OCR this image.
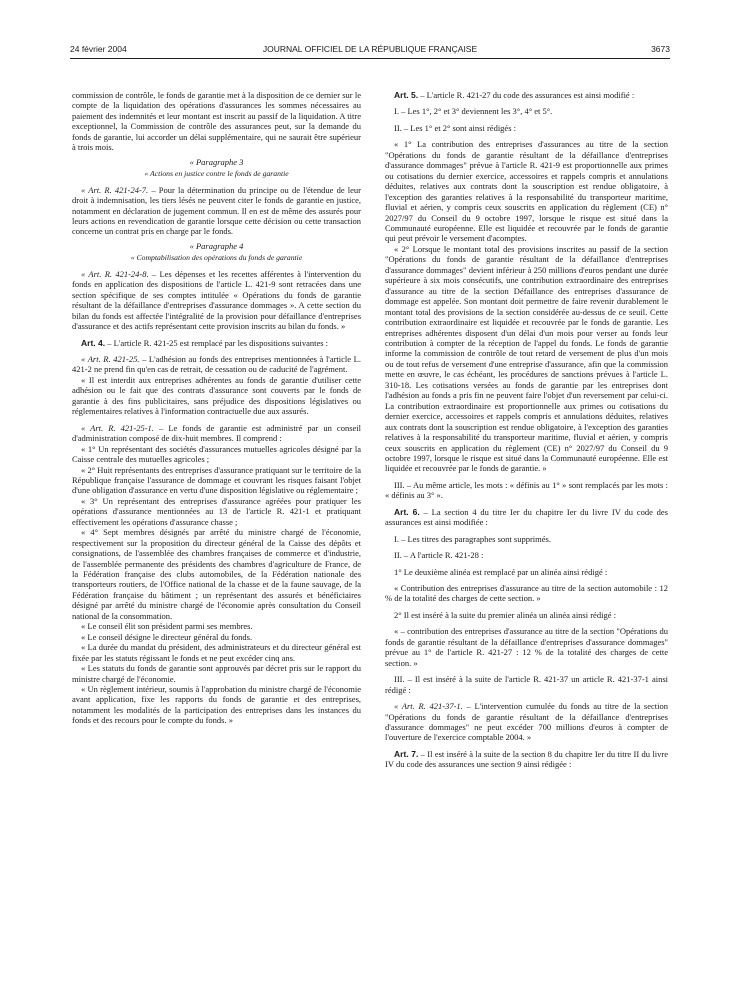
24 février 2004	JOURNAL OFFICIEL DE LA RÉPUBLIQUE FRANÇAISE	3673

commission de contrôle, le fonds de garantie met à la disposition de ce dernier sur le compte de la liquidation des opérations d'assurances les sommes nécessaires au paiement des indemnités et leur montant est inscrit au passif de la liquidation. A titre exceptionnel, la Commission de contrôle des assurances peut, sur la demande du fonds de garantie, lui accorder un délai supplémentaire, qui ne saurait être supérieur à trois mois.

« Paragraphe 3

« Actions en justice contre le fonds de garantie

« Art. R. 421-24-7. – Pour la détermination du principe ou de l'étendue de leur droit à indemnisation, les tiers lésés ne peuvent citer le fonds de garantie en justice, notamment en déclaration de jugement commun. Il en est de même des assurés pour leurs actions en revendication de garantie lorsque cette décision ou cette transaction concerne un contrat pris en charge par le fonds.

« Paragraphe 4

« Comptabilisation des opérations du fonds de garantie

« Art. R. 421-24-8. – Les dépenses et les recettes afférentes à l'intervention du fonds en application des dispositions de l'article L. 421-9 sont retracées dans une section spécifique de ses comptes intitulée « Opérations du fonds de garantie résultant de la défaillance d'entreprises d'assurance dommages ». A cette section du bilan du fonds est affectée l'intégralité de la provision pour défaillance d'entreprises d'assurance et des actifs représentant cette provision inscrits au bilan du fonds. »

Art. 4. – L'article R. 421-25 est remplacé par les dispositions suivantes :

« Art. R. 421-25. – L'adhésion au fonds des entreprises mentionnées à l'article L. 421-2 ne prend fin qu'en cas de retrait, de cessation ou de caducité de l'agrément.

« Il est interdit aux entreprises adhérentes au fonds de garantie d'utiliser cette adhésion ou le fait que des contrats d'assurance sont couverts par le fonds de garantie à des fins publicitaires, sans préjudice des dispositions législatives ou réglementaires relatives à l'information contractuelle due aux assurés.

« Art. R. 421-25-1. – Le fonds de garantie est administré par un conseil d'administration composé de dix-huit membres. Il comprend :

« 1° Un représentant des sociétés d'assurances mutuelles agricoles désigné par la Caisse centrale des mutuelles agricoles ;

« 2° Huit représentants des entreprises d'assurance pratiquant sur le territoire de la République française l'assurance de dommage et couvrant les risques faisant l'objet d'une obligation d'assurance en vertu d'une disposition législative ou réglementaire ;

« 3° Un représentant des entreprises d'assurance agréées pour pratiquer les opérations d'assurance mentionnées au 13 de l'article R. 421-1 et pratiquant effectivement les opérations d'assurance chasse ;

« 4° Sept membres désignés par arrêté du ministre chargé de l'économie, respectivement sur la proposition du directeur général de la Caisse des dépôts et consignations, de l'assemblée des chambres françaises de commerce et d'industrie, de l'assemblée permanente des présidents des chambres d'agriculture de France, de la Fédération française des clubs automobiles, de la Fédération nationale des transporteurs routiers, de l'Office national de la chasse et de la faune sauvage, de la Fédération française du bâtiment ; un représentant des assurés et bénéficiaires désigné par arrêté du ministre chargé de l'économie après consultation du Conseil national de la consommation.

« Le conseil élit son président parmi ses membres.

« Le conseil désigne le directeur général du fonds.

« La durée du mandat du président, des administrateurs et du directeur général est fixée par les statuts régissant le fonds et ne peut excéder cinq ans.

« Les statuts du fonds de garantie sont approuvés par décret pris sur le rapport du ministre chargé de l'économie.

« Un règlement intérieur, soumis à l'approbation du ministre chargé de l'économie avant application, fixe les rapports du fonds de garantie et des entreprises, notamment les modalités de la participation des entreprises dans les instances du fonds et des recours pour le compte du fonds. »

Art. 5. – L'article R. 421-27 du code des assurances est ainsi modifié :

I. – Les 1°, 2° et 3° deviennent les 3°, 4° et 5°.

II. – Les 1° et 2° sont ainsi rédigés :

« 1° La contribution des entreprises d'assurances au titre de la section "Opérations du fonds de garantie résultant de la défaillance d'entreprises d'assurance dommages" prévue à l'article R. 421-9 est proportionnelle aux primes ou cotisations du dernier exercice, accessoires et rappels compris et annulations déduites, relatives aux contrats dont la souscription est rendue obligatoire, à l'exception des garanties relatives à la responsabilité du transporteur maritime, fluvial et aérien, y compris ceux souscrits en application du règlement (CE) n° 2027/97 du Conseil du 9 octobre 1997, lorsque le risque est situé dans la Communauté européenne. Elle est liquidée et recouvrée par le fonds de garantie qui peut prévoir le versement d'acomptes.

« 2° Lorsque le montant total des provisions inscrites au passif de la section "Opérations du fonds de garantie résultant de la défaillance d'entreprises d'assurance dommages" devient inférieur à 250 millions d'euros pendant une durée supérieure à six mois consécutifs, une contribution extraordinaire des entreprises d'assurance au titre de la section Défaillance des entreprises d'assurance de dommage est appelée. Son montant doit permettre de faire revenir durablement le montant total des provisions de la section considérée au-dessus de ce seuil. Cette contribution extraordinaire est liquidée et recouvrée par le fonds de garantie. Les entreprises adhérentes disposent d'un délai d'un mois pour verser au fonds leur contribution à compter de la réception de l'appel du fonds. Le fonds de garantie informe la commission de contrôle de tout retard de versement de plus d'un mois ou de tout refus de versement d'une entreprise d'assurance, afin que la commission mette en œuvre, le cas échéant, les procédures de sanctions prévues à l'article L. 310-18. Les cotisations versées au fonds de garantie par les entreprises dont l'adhésion au fonds a pris fin ne peuvent faire l'objet d'un reversement par celui-ci. La contribution extraordinaire est proportionnelle aux primes ou cotisations du dernier exercice, accessoires et rappels compris et annulations déduites, relatives aux contrats dont la souscription est rendue obligatoire, à l'exception des garanties relatives à la responsabilité du transporteur maritime, fluvial et aérien, y compris ceux souscrits en application du règlement (CE) n° 2027/97 du Conseil du 9 octobre 1997, lorsque le risque est situé dans la Communauté européenne. Elle est liquidée et recouvrée par le fonds de garantie. »

III. – Au même article, les mots : « définis au 1° » sont remplacés par les mots : « définis au 3° ».

Art. 6. – La section 4 du titre Ier du chapitre Ier du livre IV du code des assurances est ainsi modifiée :

I. – Les titres des paragraphes sont supprimés.

II. – A l'article R. 421-28 :

1° Le deuxième alinéa est remplacé par un alinéa ainsi rédigé :

« Contribution des entreprises d'assurance au titre de la section automobile : 12 % de la totalité des charges de cette section. »

2° Il est inséré à la suite du premier alinéa un alinéa ainsi rédigé :

« – contribution des entreprises d'assurance au titre de la section "Opérations du fonds de garantie résultant de la défaillance d'entreprises d'assurance dommages" prévue au 1° de l'article R. 421-27 : 12 % de la totalité des charges de cette section. »

III. – Il est inséré à la suite de l'article R. 421-37 un article R. 421-37-1 ainsi rédigé :

« Art. R. 421-37-1. – L'intervention cumulée du fonds au titre de la section "Opérations du fonds de garantie résultant de la défaillance d'entreprises d'assurance dommages" ne peut excéder 700 millions d'euros à compter de l'ouverture de l'exercice comptable 2004. »

Art. 7. – Il est inséré à la suite de la section 8 du chapitre Ier du titre II du livre IV du code des assurances une section 9 ainsi rédigée :
